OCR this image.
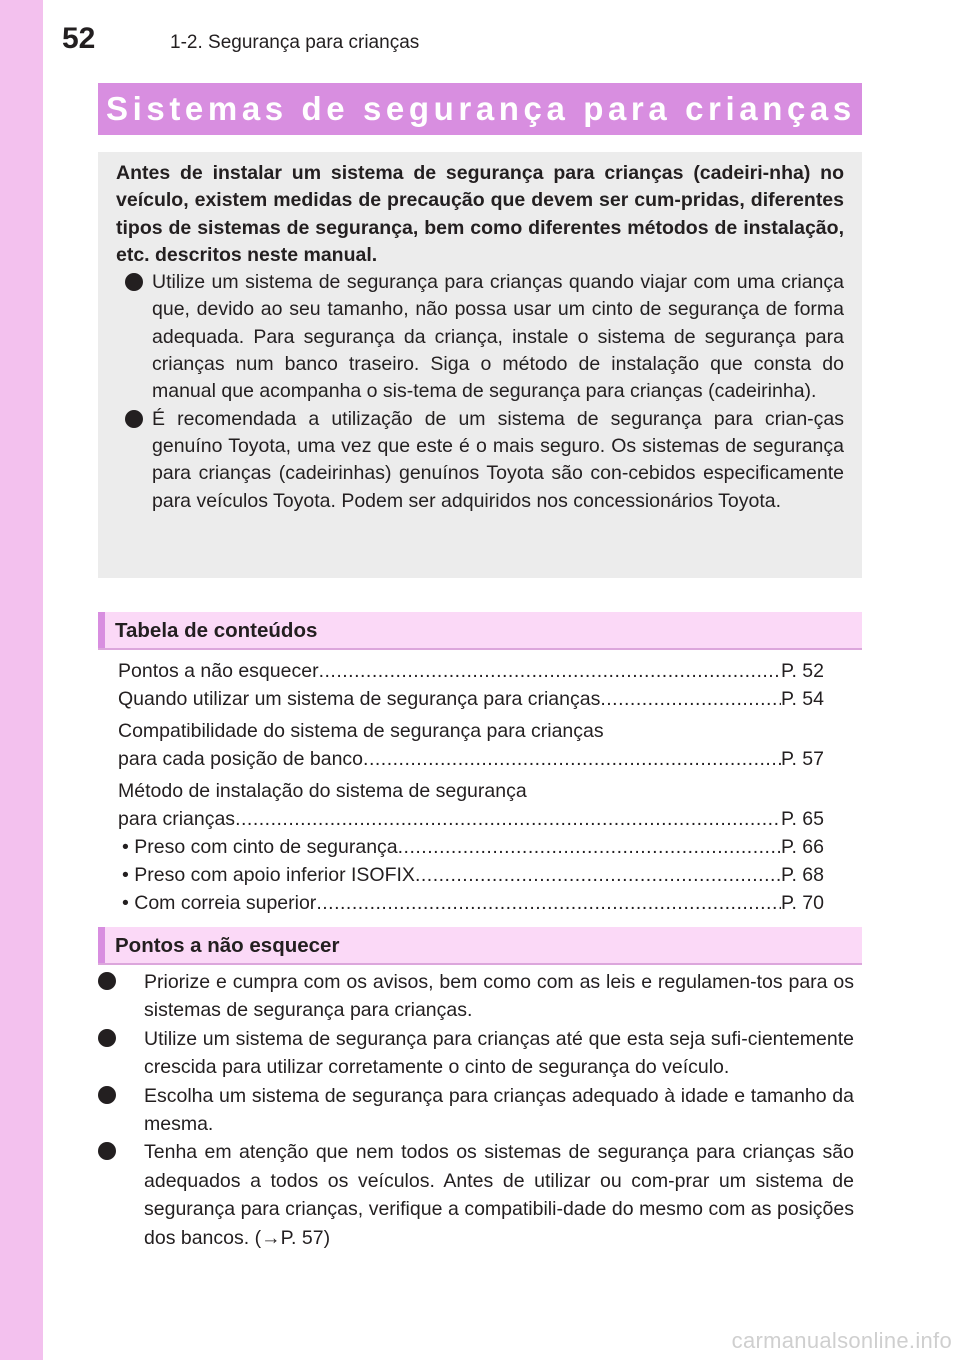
52	1-2. Segurança para crianças
Sistemas de segurança para crianças
Antes de instalar um sistema de segurança para crianças (cadeiri-nha) no veículo, existem medidas de precaução que devem ser cum-pridas, diferentes tipos de sistemas de segurança, bem como diferentes métodos de instalação, etc. descritos neste manual.
Utilize um sistema de segurança para crianças quando viajar com uma criança que, devido ao seu tamanho, não possa usar um cinto de segurança de forma adequada. Para segurança da criança, instale o sistema de segurança para crianças num banco traseiro. Siga o método de instalação que consta do manual que acompanha o sis-tema de segurança para crianças (cadeirinha).
É recomendada a utilização de um sistema de segurança para crian-ças genuíno Toyota, uma vez que este é o mais seguro. Os sistemas de segurança para crianças (cadeirinhas) genuínos Toyota são con-cebidos especificamente para veículos Toyota. Podem ser adquiridos nos concessionários Toyota.
Tabela de conteúdos
Pontos a não esquecer .....	P. 52
Quando utilizar um sistema de segurança para crianças .....	P. 54
Compatibilidade do sistema de segurança para crianças
para cada posição de banco .....	P. 57
Método de instalação do sistema de segurança
para crianças .....	P. 65
• Preso com cinto de segurança .....	P. 66
• Preso com apoio inferior ISOFIX .....	P. 68
• Com correia superior .....	P. 70
Pontos a não esquecer
Priorize e cumpra com os avisos, bem como com as leis e regulamen-tos para os sistemas de segurança para crianças.
Utilize um sistema de segurança para crianças até que esta seja sufi-cientemente crescida para utilizar corretamente o cinto de segurança do veículo.
Escolha um sistema de segurança para crianças adequado à idade e tamanho da mesma.
Tenha em atenção que nem todos os sistemas de segurança para crianças são adequados a todos os veículos. Antes de utilizar ou com-prar um sistema de segurança para crianças, verifique a compatibili-dade do mesmo com as posições dos bancos. (→P. 57)
carmanualsonline.info
